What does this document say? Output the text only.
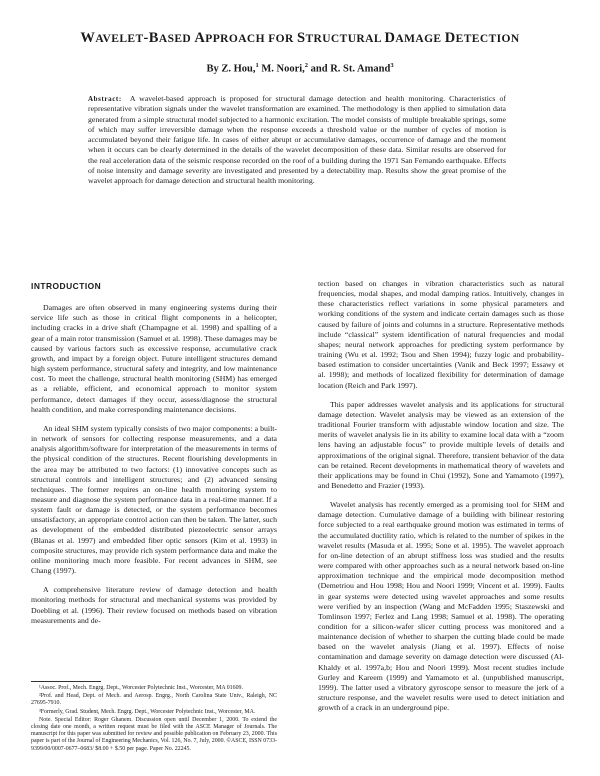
WAVELET-BASED APPROACH FOR STRUCTURAL DAMAGE DETECTION
By Z. Hou,$^1$ M. Noori,$^2$ and R. St. Amand$^3$

Abstract: A wavelet-based approach is proposed for structural damage detection and health monitoring. Characteristics of representative vibration signals under the wavelet transformation are examined. The methodology is then applied to simulation data generated from a simple structural model subjected to a harmonic excitation. The model consists of multiple breakable springs, some of which may suffer irreversible damage when the response exceeds a threshold value or the number of cycles of motion is accumulated beyond their fatigue life. In cases of either abrupt or accumulative damages, occurrence of damage and the moment when it occurs can be clearly determined in the details of the wavelet decomposition of these data. Similar results are observed for the real acceleration data of the seismic response recorded on the roof of a building during the 1971 San Fernando earthquake. Effects of noise intensity and damage severity are investigated and presented by a detectability map. Results show the great promise of the wavelet approach for damage detection and structural health monitoring.

INTRODUCTION

Damages are often observed in many engineering systems during their service life such as those in critical flight components in a helicopter, including cracks in a drive shaft (Champagne et al. 1998) and spalling of a gear of a main rotor transmission (Samuel et al. 1998). These damages may be caused by various factors such as excessive response, accumulative crack growth, and impact by a foreign object. Future intelligent structures demand high system performance, structural safety and integrity, and low maintenance cost. To meet the challenge, structural health monitoring (SHM) has emerged as a reliable, efficient, and economical approach to monitor system performance, detect damages if they occur, assess/diagnose the structural health condition, and make corresponding maintenance decisions.

An ideal SHM system typically consists of two major components: a built-in network of sensors for collecting response measurements, and a data analysis algorithm/software for interpretation of the measurements in terms of the physical condition of the structures. Recent flourishing developments in the area may be attributed to two factors: (1) innovative concepts such as structural controls and intelligent structures; and (2) advanced sensing techniques. The former requires an on-line health monitoring system to measure and diagnose the system performance data in a real-time manner. If a system fault or damage is detected, or the system performance becomes unsatisfactory, an appropriate control action can then be taken. The latter, such as development of the embedded distributed piezoelectric sensor arrays (Blanas et al. 1997) and embedded fiber optic sensors (Kim et al. 1993) in composite structures, may provide rich system performance data and make the online monitoring much more feasible. For recent advances in SHM, see Chang (1997).

A comprehensive literature review of damage detection and health monitoring methods for structural and mechanical systems was provided by Doebling et al. (1996). Their review focused on methods based on vibration measurements and de-

¹Assoc. Prof., Mech. Engrg. Dept., Worcester Polytechnic Inst., Worcester, MA 01609.

²Prof. and Head, Dept. of Mech. and Aerosp. Engrg., North Carolina State Univ., Raleigh, NC 27695-7910.

³Formerly, Grad. Student, Mech. Engrg. Dept., Worcester Polytechnic Inst., Worcester, MA.

Note. Special Editor: Roger Ghanem. Discussion open until December 1, 2000. To extend the closing date one month, a written request must be filed with the ASCE Manager of Journals. The manuscript for this paper was submitted for review and possible publication on February 23, 2000. This paper is part of the Journal of Engineering Mechanics, Vol. 126, No. 7, July, 2000. ©ASCE, ISSN 0733-9399/00/0007-0677–0683/ $8.00 + $.50 per page. Paper No. 22245.

tection based on changes in vibration characteristics such as natural frequencies, modal shapes, and modal damping ratios. Intuitively, changes in these characteristics reflect variations in some physical parameters and working conditions of the system and indicate certain damages such as those caused by failure of joints and columns in a structure. Representative methods include “classical” system identification of natural frequencies and modal shapes; neural network approaches for predicting system performance by training (Wu et al. 1992; Tsou and Shen 1994); fuzzy logic and probability-based estimation to consider uncertainties (Vanik and Beck 1997; Essawy et al. 1998); and methods of localized flexibility for determination of damage location (Reich and Park 1997).

This paper addresses wavelet analysis and its applications for structural damage detection. Wavelet analysis may be viewed as an extension of the traditional Fourier transform with adjustable window location and size. The merits of wavelet analysis lie in its ability to examine local data with a “zoom lens having an adjustable focus” to provide multiple levels of details and approximations of the original signal. Therefore, transient behavior of the data can be retained. Recent developments in mathematical theory of wavelets and their applications may be found in Chui (1992), Sone and Yamamoto (1997), and Benedetto and Frazier (1993).

Wavelet analysis has recently emerged as a promising tool for SHM and damage detection. Cumulative damage of a building with bilinear restoring force subjected to a real earthquake ground motion was estimated in terms of the accumulated ductility ratio, which is related to the number of spikes in the wavelet results (Masuda et al. 1995; Sone et al. 1995). The wavelet approach for on-line detection of an abrupt stiffness loss was studied and the results were compared with other approaches such as a neural network based on-line approximation technique and the empirical mode decomposition method (Demetriou and Hou 1998; Hou and Noori 1999; Vincent et al. 1999). Faults in gear systems were detected using wavelet approaches and some results were verified by an inspection (Wang and McFadden 1995; Staszewski and Tomlinson 1997; Ferlez and Lang 1998; Samuel et al. 1998). The operating condition for a silicon-wafer slicer cutting process was monitored and a maintenance decision of whether to sharpen the cutting blade could be made based on the wavelet analysis (Jiang et al. 1997). Effects of noise contamination and damage severity on damage detection were discussed (Al-Khaldy et al. 1997a,b; Hou and Noori 1999). Most recent studies include Gurley and Kareem (1999) and Yamamoto et al. (unpublished manuscript, 1999). The latter used a vibratory gyroscope sensor to measure the jerk of a structure response, and the wavelet results were used to detect initiation and growth of a crack in an underground pipe.
